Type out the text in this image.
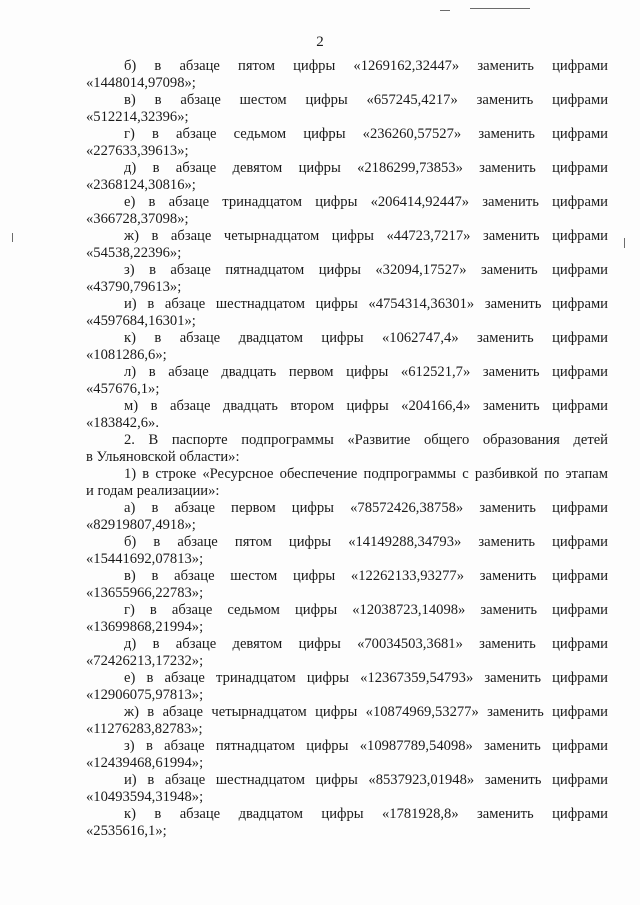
2
б) в абзаце пятом цифры «1269162,32447» заменить цифрами
«1448014,97098»;
в) в абзаце шестом цифры «657245,4217» заменить цифрами
«512214,32396»;
г) в абзаце седьмом цифры «236260,57527» заменить цифрами
«227633,39613»;
д) в абзаце девятом цифры «2186299,73853» заменить цифрами
«2368124,30816»;
е) в абзаце тринадцатом цифры «206414,92447» заменить цифрами
«366728,37098»;
ж) в абзаце четырнадцатом цифры «44723,7217» заменить цифрами
«54538,22396»;
з) в абзаце пятнадцатом цифры «32094,17527» заменить цифрами
«43790,79613»;
и) в абзаце шестнадцатом цифры «4754314,36301» заменить цифрами
«4597684,16301»;
к) в абзаце двадцатом цифры «1062747,4» заменить цифрами
«1081286,6»;
л) в абзаце двадцать первом цифры «612521,7» заменить цифрами
«457676,1»;
м) в абзаце двадцать втором цифры «204166,4» заменить цифрами
«183842,6».
2. В паспорте подпрограммы «Развитие общего образования детей
в Ульяновской области»:
1) в строке «Ресурсное обеспечение подпрограммы с разбивкой по этапам
и годам реализации»:
а) в абзаце первом цифры «78572426,38758» заменить цифрами
«82919807,4918»;
б) в абзаце пятом цифры «14149288,34793» заменить цифрами
«15441692,07813»;
в) в абзаце шестом цифры «12262133,93277» заменить цифрами
«13655966,22783»;
г) в абзаце седьмом цифры «12038723,14098» заменить цифрами
«13699868,21994»;
д) в абзаце девятом цифры «70034503,3681» заменить цифрами
«72426213,17232»;
е) в абзаце тринадцатом цифры «12367359,54793» заменить цифрами
«12906075,97813»;
ж) в абзаце четырнадцатом цифры «10874969,53277» заменить цифрами
«11276283,82783»;
з) в абзаце пятнадцатом цифры «10987789,54098» заменить цифрами
«12439468,61994»;
и) в абзаце шестнадцатом цифры «8537923,01948» заменить цифрами
«10493594,31948»;
к) в абзаце двадцатом цифры «1781928,8» заменить цифрами
«2535616,1»;
